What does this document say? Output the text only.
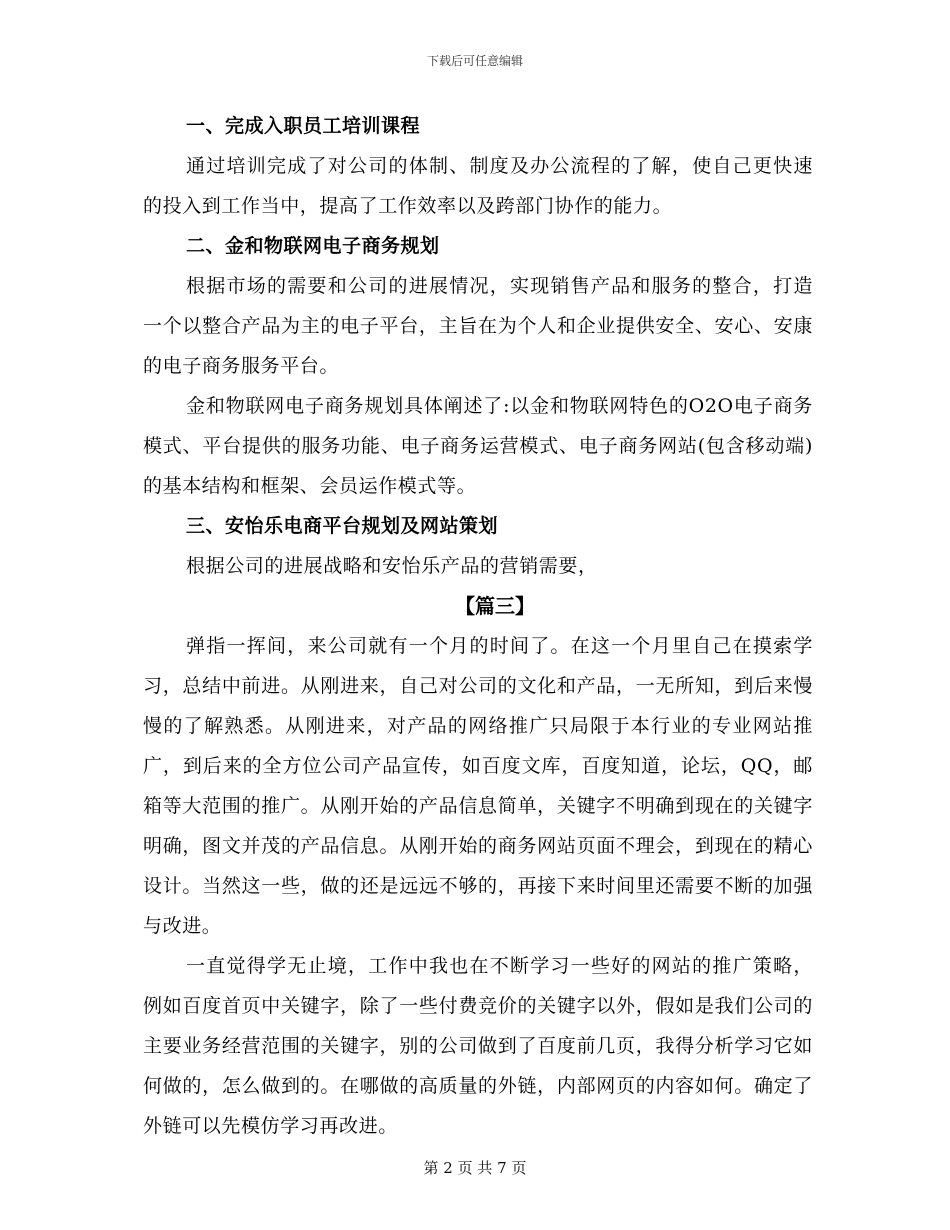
下载后可任意编辑

一、完成入职员工培训课程

通过培训完成了对公司的体制、制度及办公流程的了解，使自己更快速的投入到工作当中，提高了工作效率以及跨部门协作的能力。

二、金和物联网电子商务规划

根据市场的需要和公司的进展情况，实现销售产品和服务的整合，打造一个以整合产品为主的电子平台，主旨在为个人和企业提供安全、安心、安康的电子商务服务平台。

金和物联网电子商务规划具体阐述了:以金和物联网特色的O2O电子商务模式、平台提供的服务功能、电子商务运营模式、电子商务网站(包含移动端)的基本结构和框架、会员运作模式等。

三、安怡乐电商平台规划及网站策划

根据公司的进展战略和安怡乐产品的营销需要，

【篇三】

弹指一挥间，来公司就有一个月的时间了。在这一个月里自己在摸索学习，总结中前进。从刚进来，自己对公司的文化和产品，一无所知，到后来慢慢的了解熟悉。从刚进来，对产品的网络推广只局限于本行业的专业网站推广，到后来的全方位公司产品宣传，如百度文库，百度知道，论坛，QQ，邮箱等大范围的推广。从刚开始的产品信息简单，关键字不明确到现在的关键字明确，图文并茂的产品信息。从刚开始的商务网站页面不理会，到现在的精心设计。当然这一些，做的还是远远不够的，再接下来时间里还需要不断的加强与改进。

一直觉得学无止境，工作中我也在不断学习一些好的网站的推广策略，例如百度首页中关键字，除了一些付费竞价的关键字以外，假如是我们公司的主要业务经营范围的关键字，别的公司做到了百度前几页，我得分析学习它如何做的，怎么做到的。在哪做的高质量的外链，内部网页的内容如何。确定了外链可以先模仿学习再改进。

第 2 页 共 7 页
